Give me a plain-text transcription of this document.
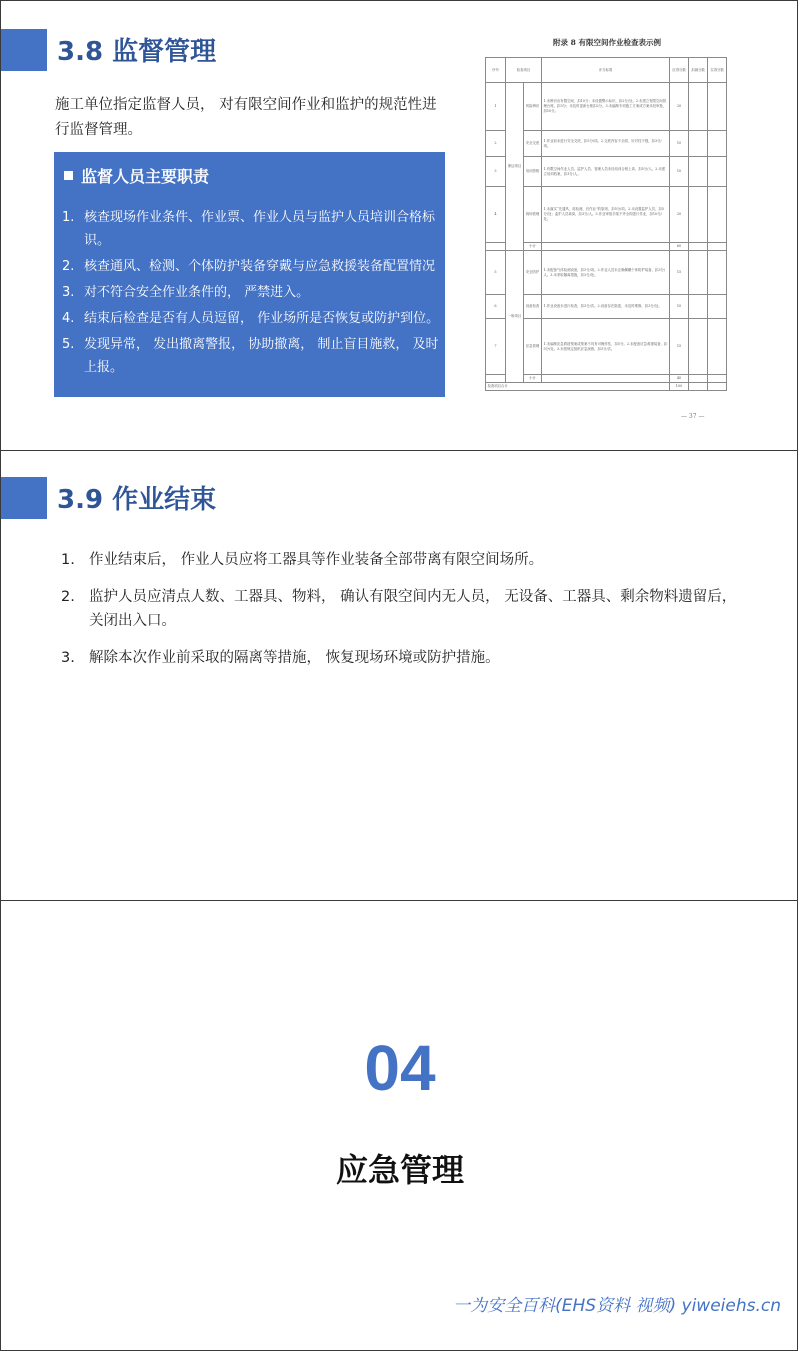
3.8 监督管理
施工单位指定监督人员， 对有限空间作业和监护的规范性进行监督管理。
监督人员主要职责
1. 核查现场作业条件、作业票、作业人员与监护人员培训合格标识。
2. 核查通风、检测、个体防护装备穿戴与应急救援装备配置情况
3. 对不符合安全作业条件的， 严禁进入。
4. 结束后检查是否有人员逗留， 作业场所是否恢复或防护到位。
5. 发现异常， 发出撤离警报， 协助撤离， 制止盲目施救， 及时上报。
附录 8 有限空间作业检查表示例
序号	检查项目		评分标准	应得分数	扣减分数	实得分数
1	保证项目	风险辨识	1.未辨识出有限空间，扣10分；未设置警示标识，扣2分/处。2.未建立有限空间管理台账，扣5分；未及时更新台账扣2分。3.未编制专项施工方案或方案未经审批，扣10分。	20		
2		安全交底	1.作业前未进行安全交底，扣5分/项。2.交底内容不全面、针对性不强，扣3分/项。	10		
3		培训资格	1.有限空间作业人员、监护人员、管理人员未经培训合格上岗，扣5分/人。2.未建立培训档案，扣3分/人。	10		
4		现场管理	1.未落实“先通风、再检测、后作业”的原则，扣5分/项。2.未设置监护人员，扣5分/处；监护人员离岗，扣3分/人。3.作业审批手续不齐全即进行作业，扣10分/处。	20		
		小计		60		
5	一般项目	安全防护	1.未配备气体检测设备，扣3分/项。2.作业人员未正确佩戴个体防护装备，扣3分/人。3.未采取隔离措施，扣3分/处。	15		
6		设备检查	1.作业设备未进行检查，扣3分/次。2.设备存在隐患，未及时维修，扣3分/处。	10		
7		应急管理	1.未编制应急救援预案或预案不具有可操作性，扣5分。2.未配备应急救援装备，扣5分/处。3.未按规定组织应急演练，扣3分/次。	15		
		小计		40		
检查项目合计				100		
— 37 —
3.9 作业结束
1. 作业结束后， 作业人员应将工器具等作业装备全部带离有限空间场所。
2. 监护人员应清点人数、工器具、物料， 确认有限空间内无人员， 无设备、工器具、剩余物料遗留后， 关闭出入口。
3. 解除本次作业前采取的隔离等措施， 恢复现场环境或防护措施。
04
应急管理
一为安全百科(EHS资料 视频) yiweiehs.cn
